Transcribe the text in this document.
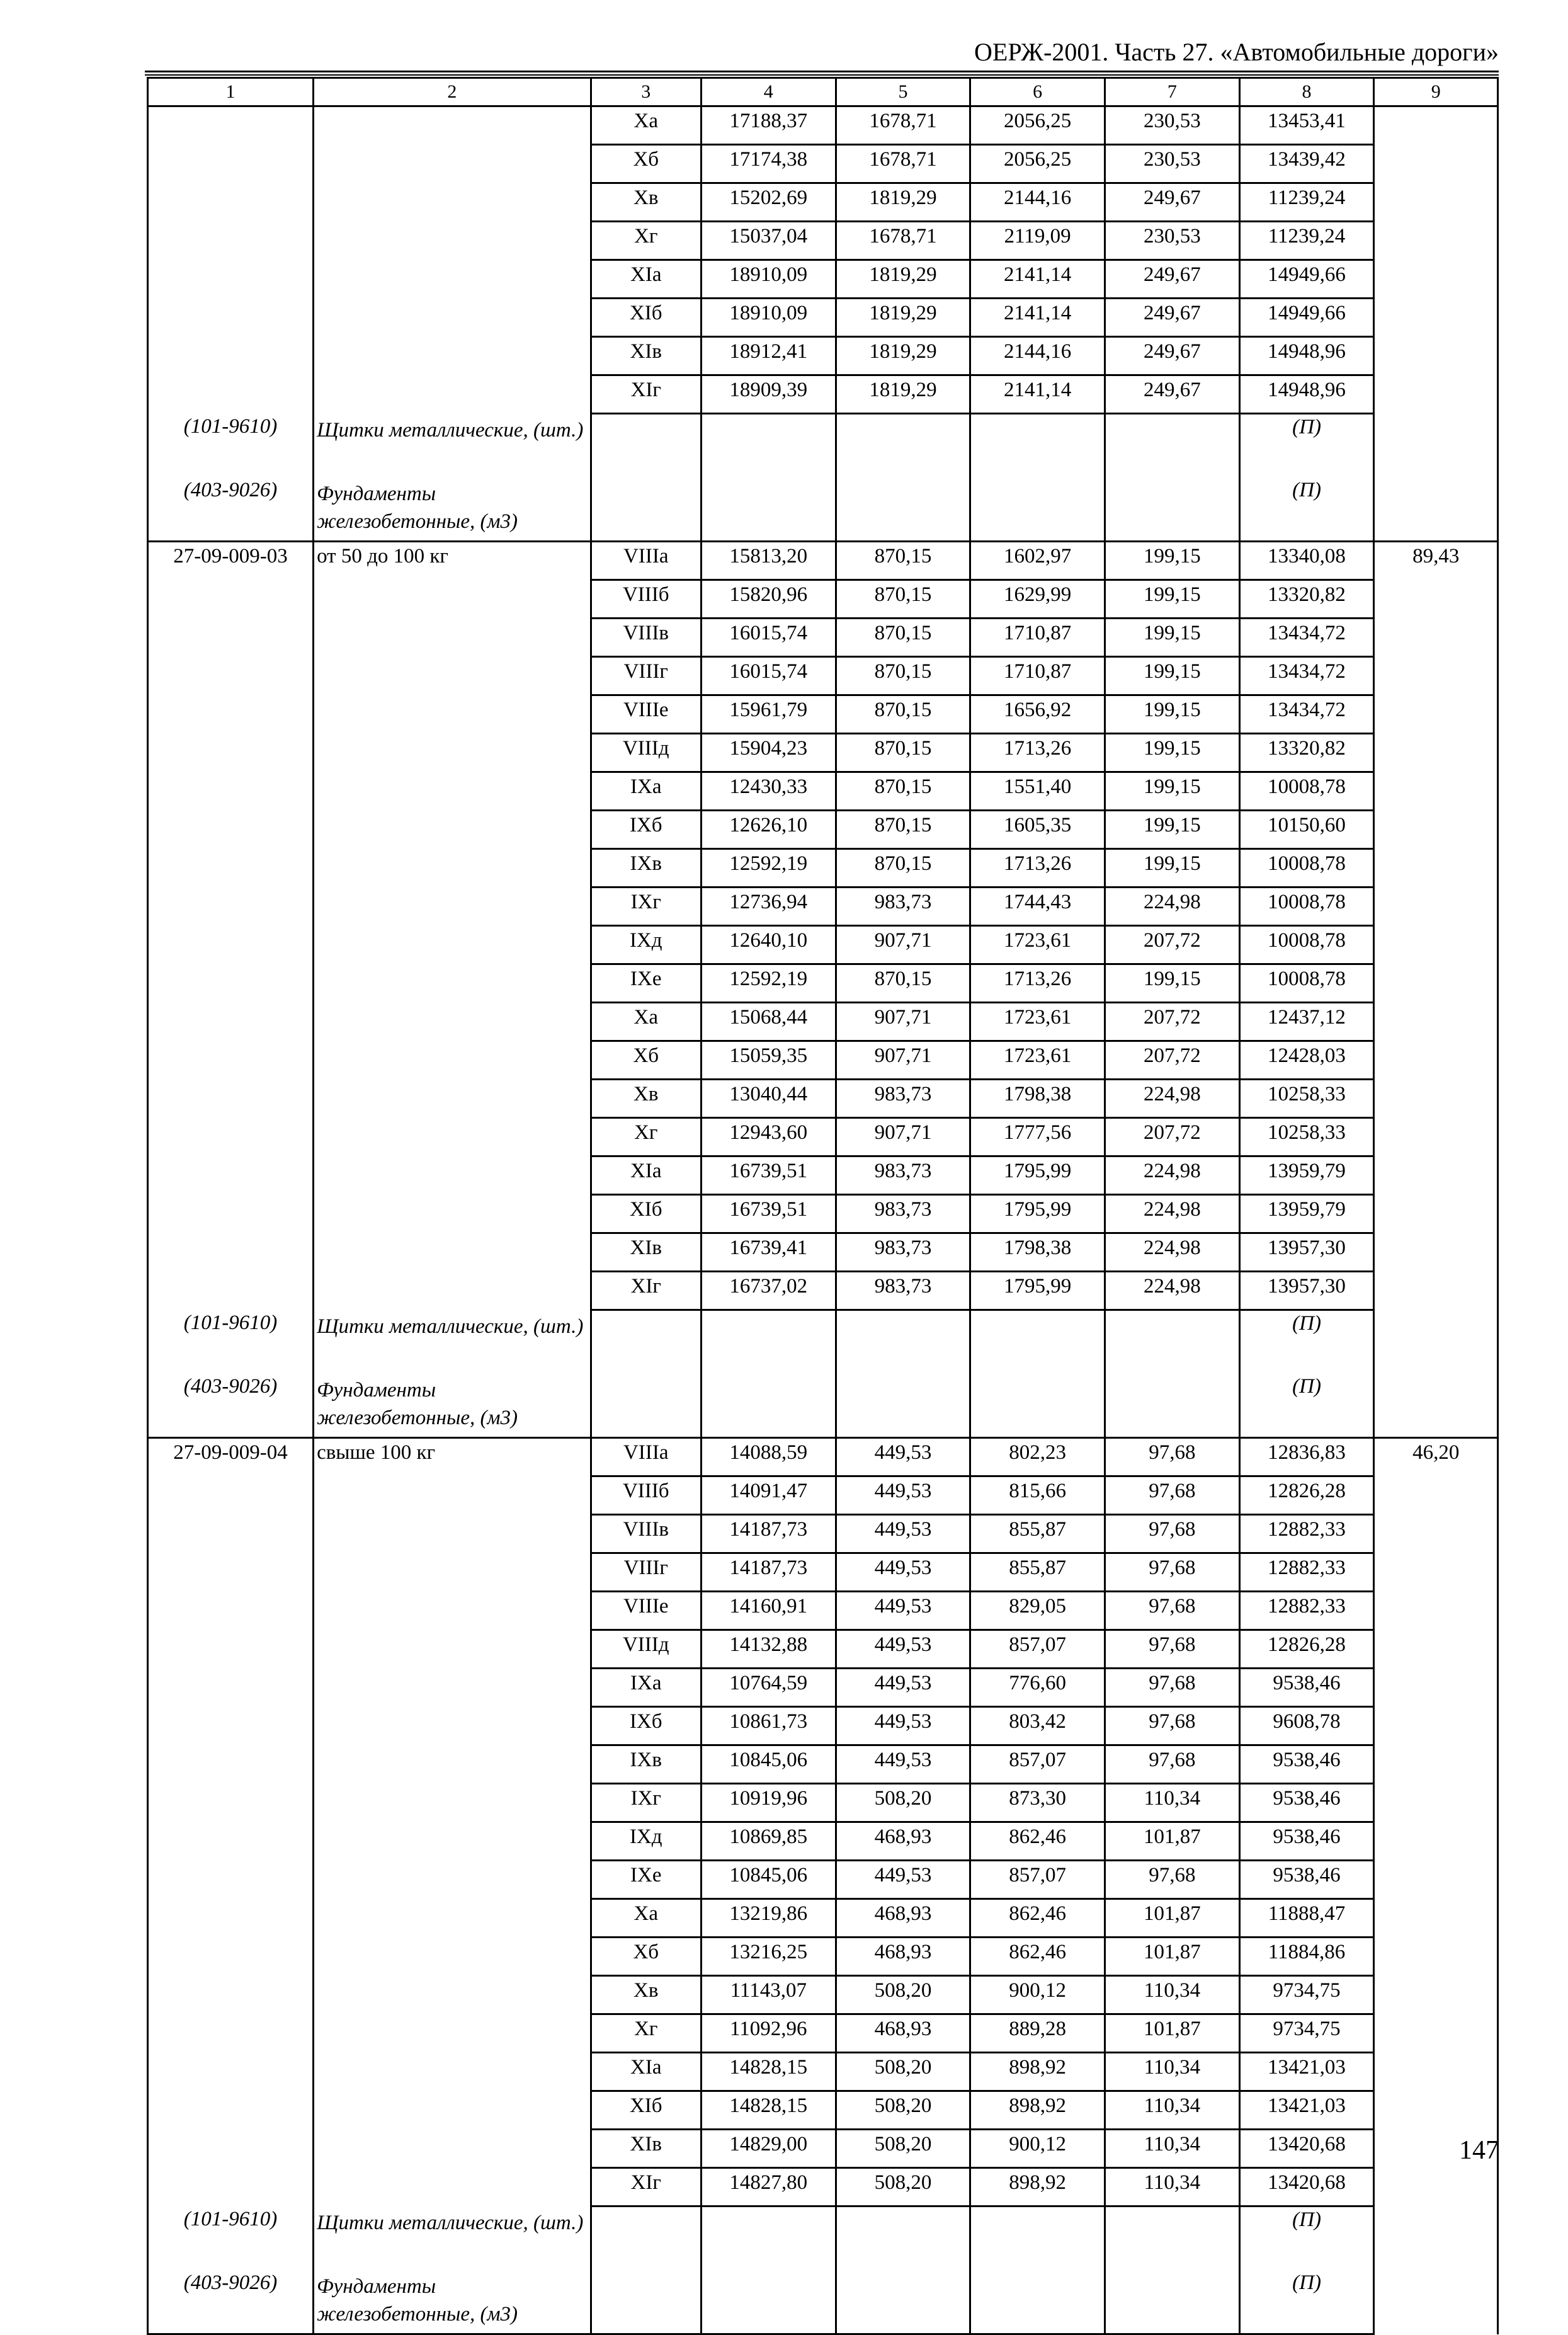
ОЕРЖ-2001. Часть 27. «Автомобильные дороги»
1	2	3	4	5	6	7	8	9
		Xа	17188,37	1678,71	2056,25	230,53	13453,41	
		Xб	17174,38	1678,71	2056,25	230,53	13439,42	
		Xв	15202,69	1819,29	2144,16	249,67	11239,24	
		Xг	15037,04	1678,71	2119,09	230,53	11239,24	
		XIа	18910,09	1819,29	2141,14	249,67	14949,66	
		XIб	18910,09	1819,29	2141,14	249,67	14949,66	
		XIв	18912,41	1819,29	2144,16	249,67	14948,96	
		XIг	18909,39	1819,29	2141,14	249,67	14948,96	
(101-9610)	Щитки металлические, (шт.)						(П)	
(403-9026)	Фундаменты железобетонные, (м3)						(П)	
27-09-009-03	от 50 до 100 кг	VIIIа	15813,20	870,15	1602,97	199,15	13340,08	89,43
		VIIIб	15820,96	870,15	1629,99	199,15	13320,82	
		VIIIв	16015,74	870,15	1710,87	199,15	13434,72	
		VIIIг	16015,74	870,15	1710,87	199,15	13434,72	
		VIIIе	15961,79	870,15	1656,92	199,15	13434,72	
		VIIIд	15904,23	870,15	1713,26	199,15	13320,82	
		IXа	12430,33	870,15	1551,40	199,15	10008,78	
		IXб	12626,10	870,15	1605,35	199,15	10150,60	
		IXв	12592,19	870,15	1713,26	199,15	10008,78	
		IXг	12736,94	983,73	1744,43	224,98	10008,78	
		IXд	12640,10	907,71	1723,61	207,72	10008,78	
		IXе	12592,19	870,15	1713,26	199,15	10008,78	
		Xа	15068,44	907,71	1723,61	207,72	12437,12	
		Xб	15059,35	907,71	1723,61	207,72	12428,03	
		Xв	13040,44	983,73	1798,38	224,98	10258,33	
		Xг	12943,60	907,71	1777,56	207,72	10258,33	
		XIа	16739,51	983,73	1795,99	224,98	13959,79	
		XIб	16739,51	983,73	1795,99	224,98	13959,79	
		XIв	16739,41	983,73	1798,38	224,98	13957,30	
		XIг	16737,02	983,73	1795,99	224,98	13957,30	
(101-9610)	Щитки металлические, (шт.)						(П)	
(403-9026)	Фундаменты железобетонные, (м3)						(П)	
27-09-009-04	свыше 100 кг	VIIIа	14088,59	449,53	802,23	97,68	12836,83	46,20
		VIIIб	14091,47	449,53	815,66	97,68	12826,28	
		VIIIв	14187,73	449,53	855,87	97,68	12882,33	
		VIIIг	14187,73	449,53	855,87	97,68	12882,33	
		VIIIе	14160,91	449,53	829,05	97,68	12882,33	
		VIIIд	14132,88	449,53	857,07	97,68	12826,28	
		IXа	10764,59	449,53	776,60	97,68	9538,46	
		IXб	10861,73	449,53	803,42	97,68	9608,78	
		IXв	10845,06	449,53	857,07	97,68	9538,46	
		IXг	10919,96	508,20	873,30	110,34	9538,46	
		IXд	10869,85	468,93	862,46	101,87	9538,46	
		IXе	10845,06	449,53	857,07	97,68	9538,46	
		Xа	13219,86	468,93	862,46	101,87	11888,47	
		Xб	13216,25	468,93	862,46	101,87	11884,86	
		Xв	11143,07	508,20	900,12	110,34	9734,75	
		Xг	11092,96	468,93	889,28	101,87	9734,75	
		XIа	14828,15	508,20	898,92	110,34	13421,03	
		XIб	14828,15	508,20	898,92	110,34	13421,03	
		XIв	14829,00	508,20	900,12	110,34	13420,68	
		XIг	14827,80	508,20	898,92	110,34	13420,68	
(101-9610)	Щитки металлические, (шт.)						(П)	
(403-9026)	Фундаменты железобетонные, (м3)						(П)	
147
